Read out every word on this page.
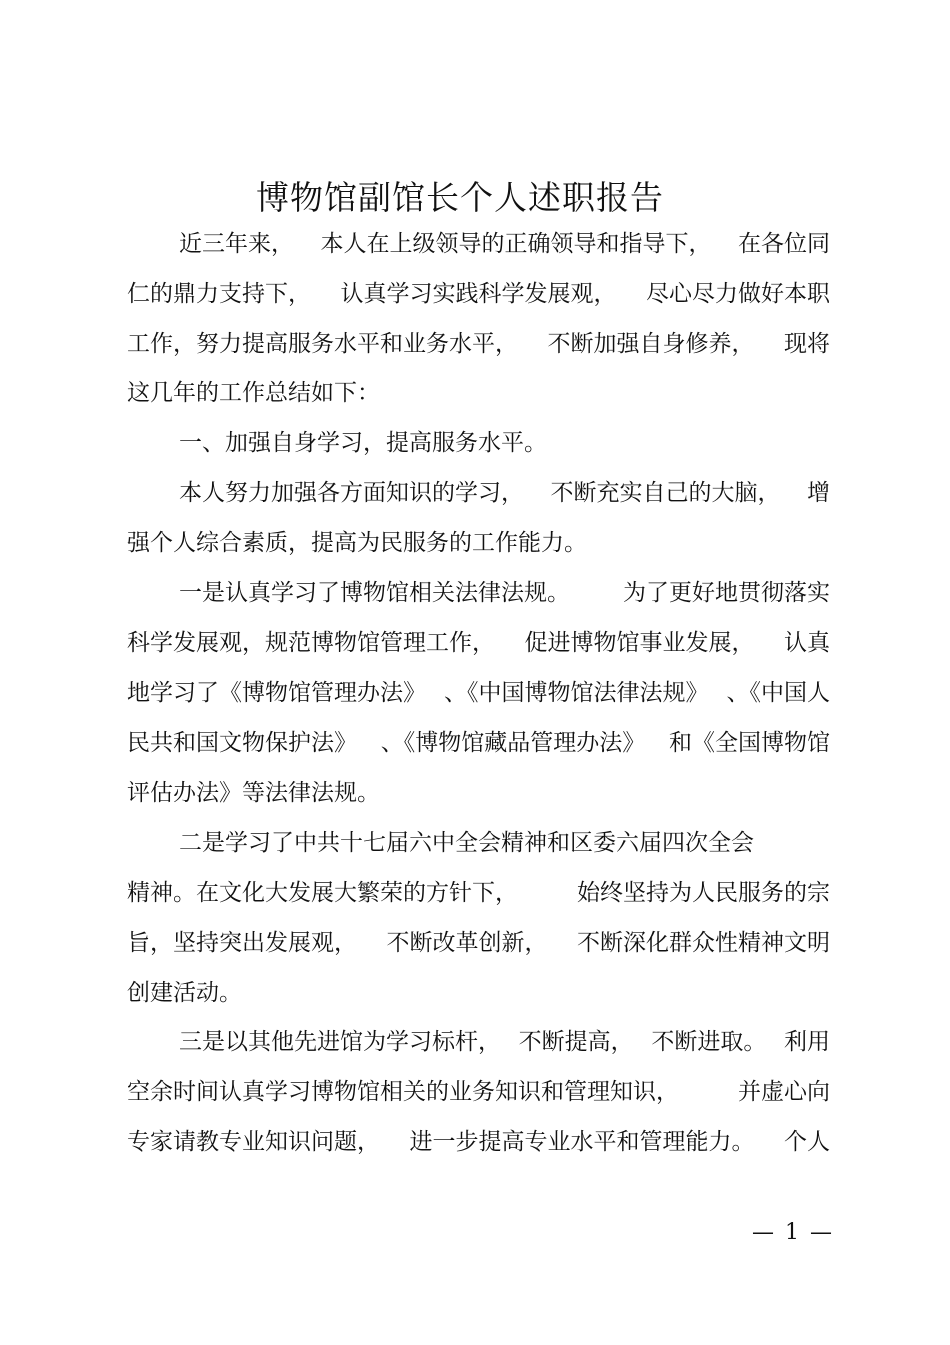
博物馆副馆长个人述职报告
近三年来， 本人在上级领导的正确领导和指导下， 在各位同
仁的鼎力支持下， 认真学习实践科学发展观， 尽心尽力做好本职
工作，努力提高服务水平和业务水平， 不断加强自身修养， 现将
这几年的工作总结如下：
一、加强自身学习，提高服务水平。
本人努力加强各方面知识的学习， 不断充实自己的大脑， 增
强个人综合素质，提高为民服务的工作能力。
一是认真学习了博物馆相关法律法规。 为了更好地贯彻落实
科学发展观，规范博物馆管理工作， 促进博物馆事业发展， 认真
地学习了《博物馆管理办法》 、《中国博物馆法律法规》 、《中国人
民共和国文物保护法》 、《博物馆藏品管理办法》 和《全国博物馆
评估办法》等法律法规。
二是学习了中共十七届六中全会精神和区委六届四次全会
精神。在文化大发展大繁荣的方针下，	始终坚持为人民服务的宗
旨，坚持突出发展观， 不断改革创新， 不断深化群众性精神文明
创建活动。
三是以其他先进馆为学习标杆， 不断提高， 不断进取。 利用
空余时间认真学习博物馆相关的业务知识和管理知识，	并虚心向
专家请教专业知识问题， 进一步提高专业水平和管理能力。 个人
— 1 —
